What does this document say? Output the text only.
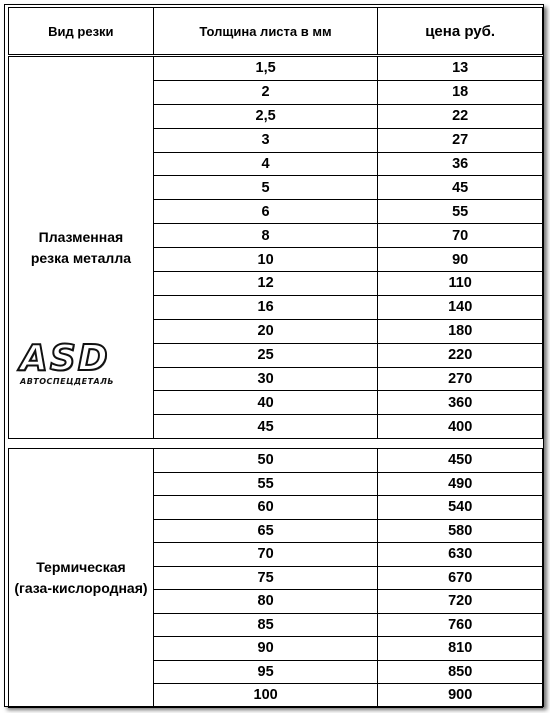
Вид резки	Толщина листа в мм	цена руб.
Плазменная
резка металла	1,5	13
	2	18
	2,5	22
	3	27
	4	36
	5	45
	6	55
	8	70
	10	90
	12	110
	16	140
	20	180
	25	220
	30	270
	40	360
	45	400
Термическая
(газа-кислородная)	50	450
	55	490
	60	540
	65	580
	70	630
	75	670
	80	720
	85	760
	90	810
	95	850
	100	900
ASD
АВТОСПЕЦДЕТАЛЬ
